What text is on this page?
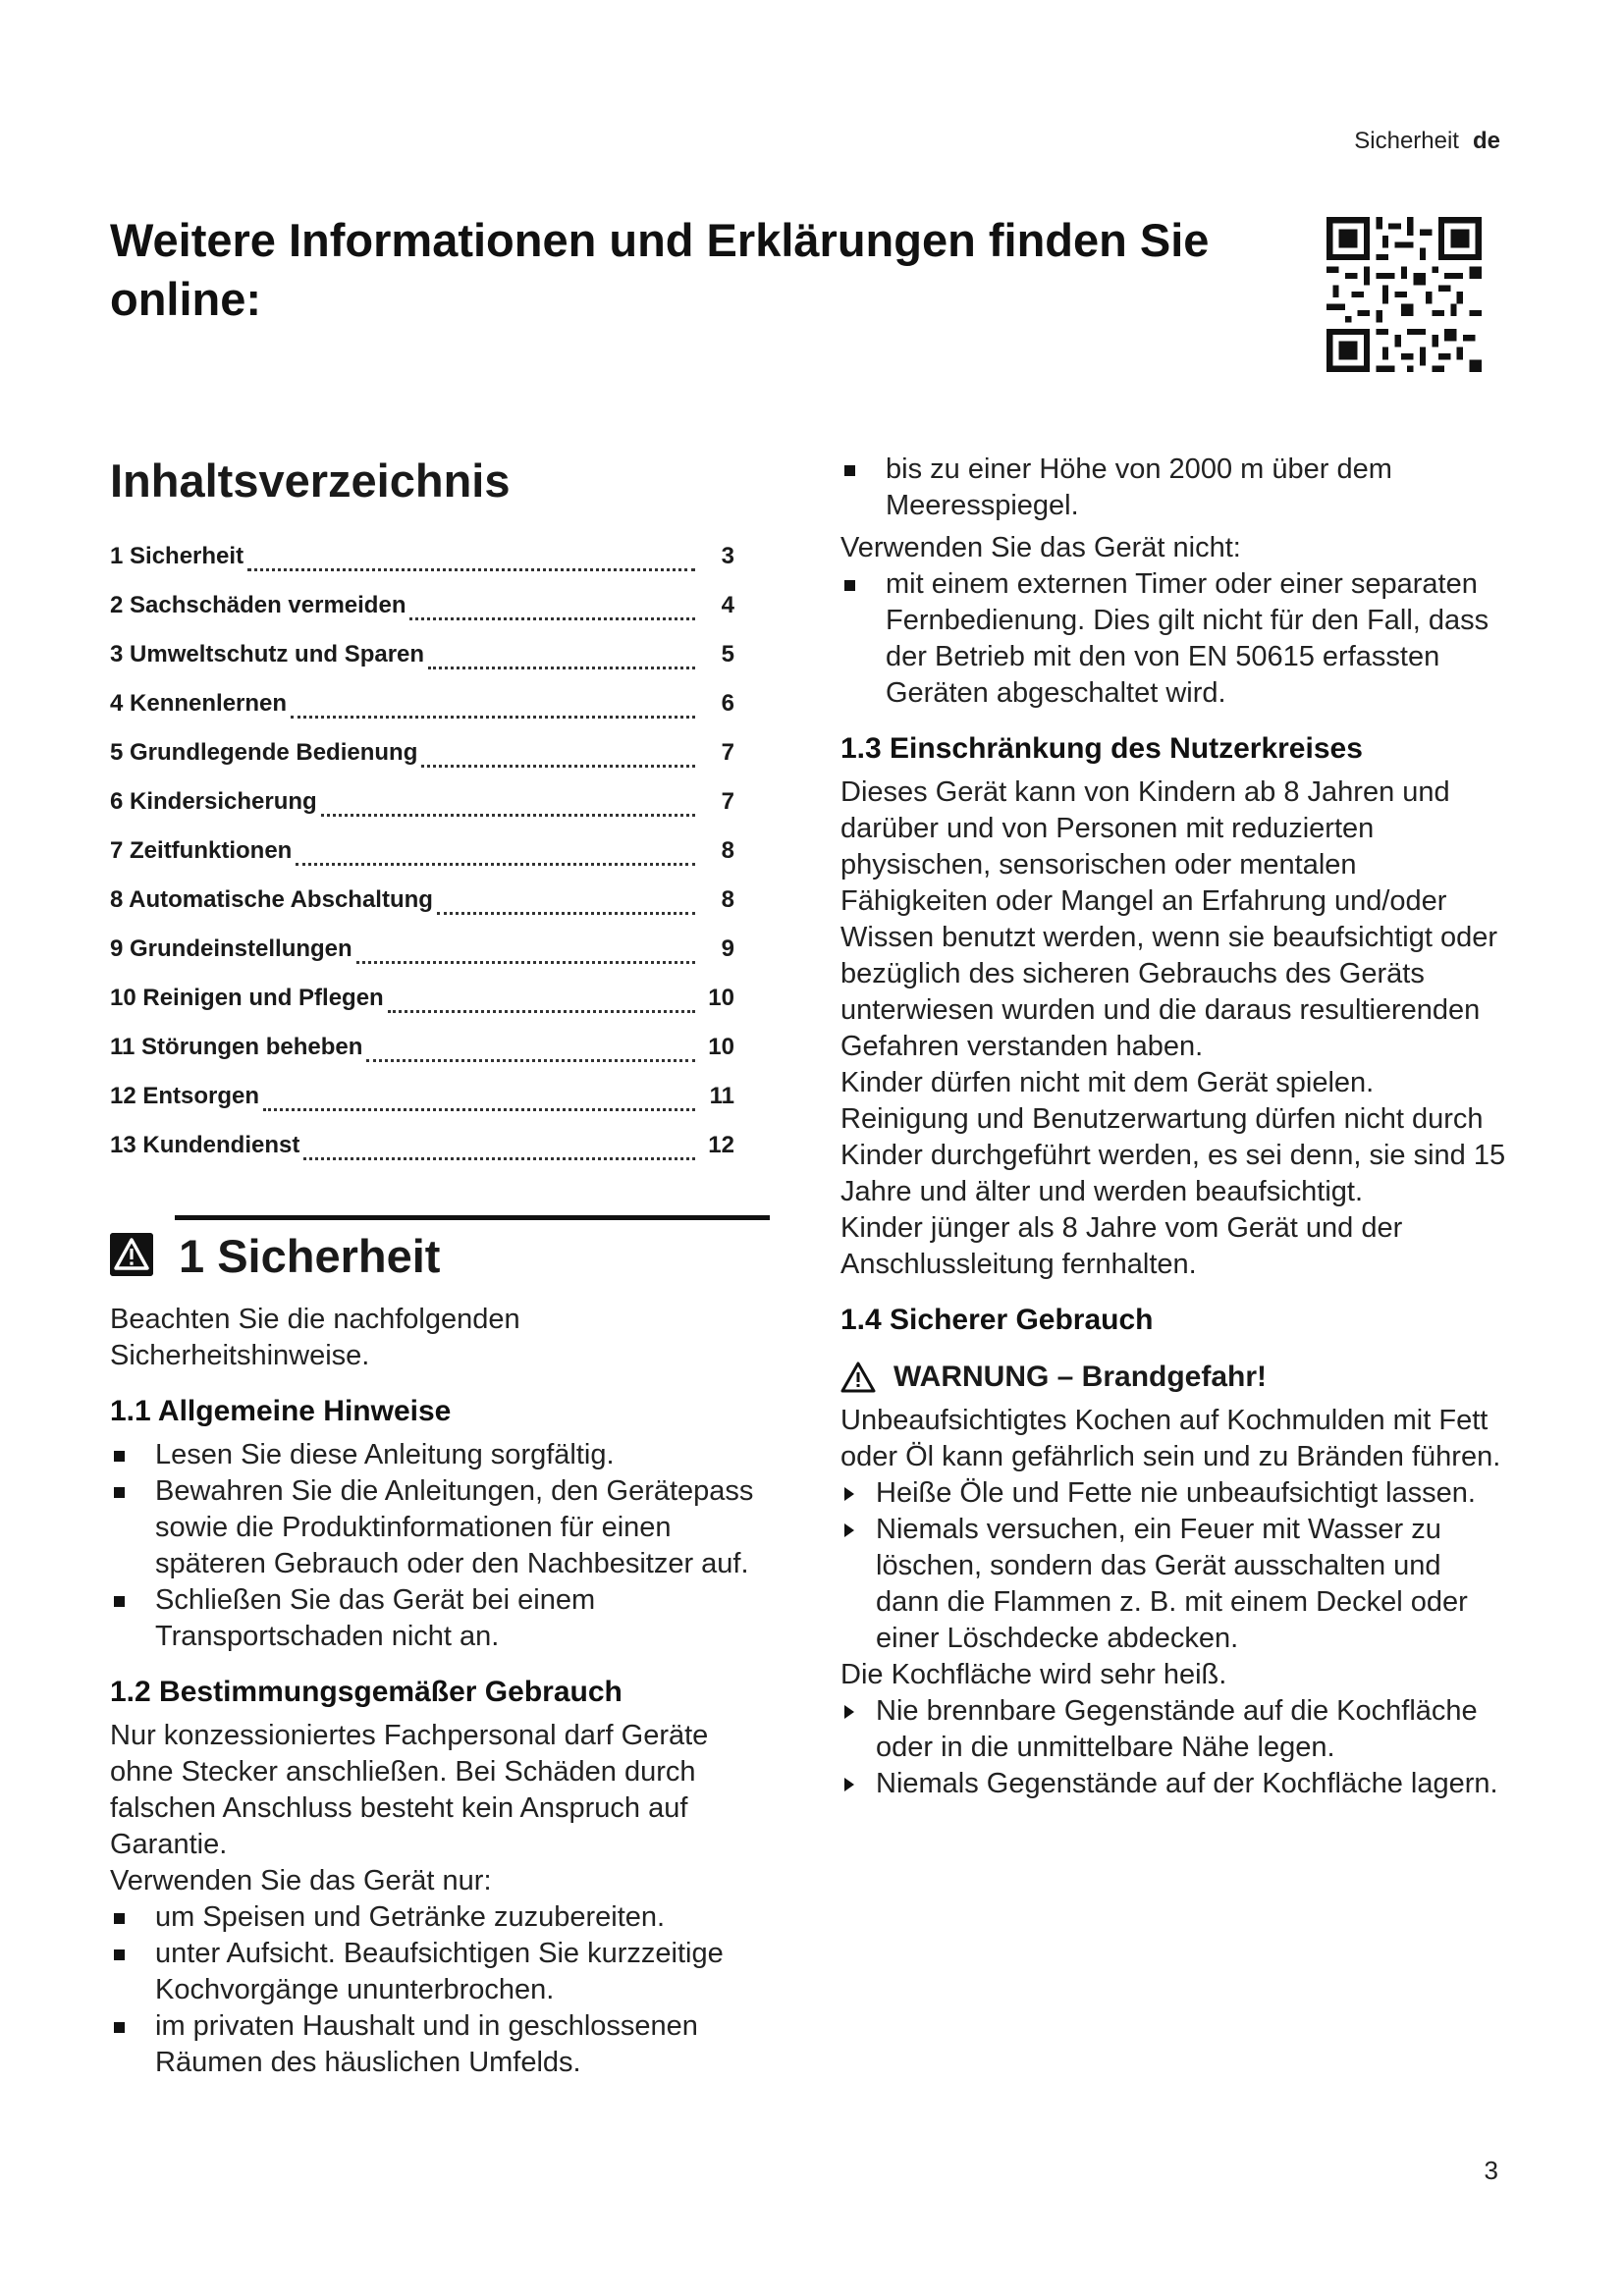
Sicherheit de
Weitere Informationen und Erklärungen finden Sie online:
Inhaltsverzeichnis
1 Sicherheit	3
2 Sachschäden vermeiden	4
3 Umweltschutz und Sparen	5
4 Kennenlernen	6
5 Grundlegende Bedienung	7
6 Kindersicherung	7
7 Zeitfunktionen	8
8 Automatische Abschaltung	8
9 Grundeinstellungen	9
10 Reinigen und Pflegen	10
11 Störungen beheben	10
12 Entsorgen	11
13 Kundendienst	12
1 Sicherheit
Beachten Sie die nachfolgenden Sicherheitshinweise.
1.1 Allgemeine Hinweise
Lesen Sie diese Anleitung sorgfältig.
Bewahren Sie die Anleitungen, den Gerätepass sowie die Produktinformationen für einen späteren Gebrauch oder den Nachbesitzer auf.
Schließen Sie das Gerät bei einem Transportschaden nicht an.
1.2 Bestimmungsgemäßer Gebrauch
Nur konzessioniertes Fachpersonal darf Geräte ohne Stecker anschließen. Bei Schäden durch falschen Anschluss besteht kein Anspruch auf Garantie.
Verwenden Sie das Gerät nur:
um Speisen und Getränke zuzubereiten.
unter Aufsicht. Beaufsichtigen Sie kurzzeitige Kochvorgänge ununterbrochen.
im privaten Haushalt und in geschlossenen Räumen des häuslichen Umfelds.
bis zu einer Höhe von 2000 m über dem Meeresspiegel.
Verwenden Sie das Gerät nicht:
mit einem externen Timer oder einer separaten Fernbedienung. Dies gilt nicht für den Fall, dass der Betrieb mit den von EN 50615 erfassten Geräten abgeschaltet wird.
1.3 Einschränkung des Nutzerkreises
Dieses Gerät kann von Kindern ab 8 Jahren und darüber und von Personen mit reduzierten physischen, sensorischen oder mentalen Fähigkeiten oder Mangel an Erfahrung und/oder Wissen benutzt werden, wenn sie beaufsichtigt oder bezüglich des sicheren Gebrauchs des Geräts unterwiesen wurden und die daraus resultierenden Gefahren verstanden haben.
Kinder dürfen nicht mit dem Gerät spielen.
Reinigung und Benutzerwartung dürfen nicht durch Kinder durchgeführt werden, es sei denn, sie sind 15 Jahre und älter und werden beaufsichtigt.
Kinder jünger als 8 Jahre vom Gerät und der Anschlussleitung fernhalten.
1.4 Sicherer Gebrauch
WARNUNG – Brandgefahr!
Unbeaufsichtigtes Kochen auf Kochmulden mit Fett oder Öl kann gefährlich sein und zu Bränden führen.
Heiße Öle und Fette nie unbeaufsichtigt lassen.
Niemals versuchen, ein Feuer mit Wasser zu löschen, sondern das Gerät ausschalten und dann die Flammen z. B. mit einem Deckel oder einer Löschdecke abdecken.
Die Kochfläche wird sehr heiß.
Nie brennbare Gegenstände auf die Kochfläche oder in die unmittelbare Nähe legen.
Niemals Gegenstände auf der Kochfläche lagern.
3
